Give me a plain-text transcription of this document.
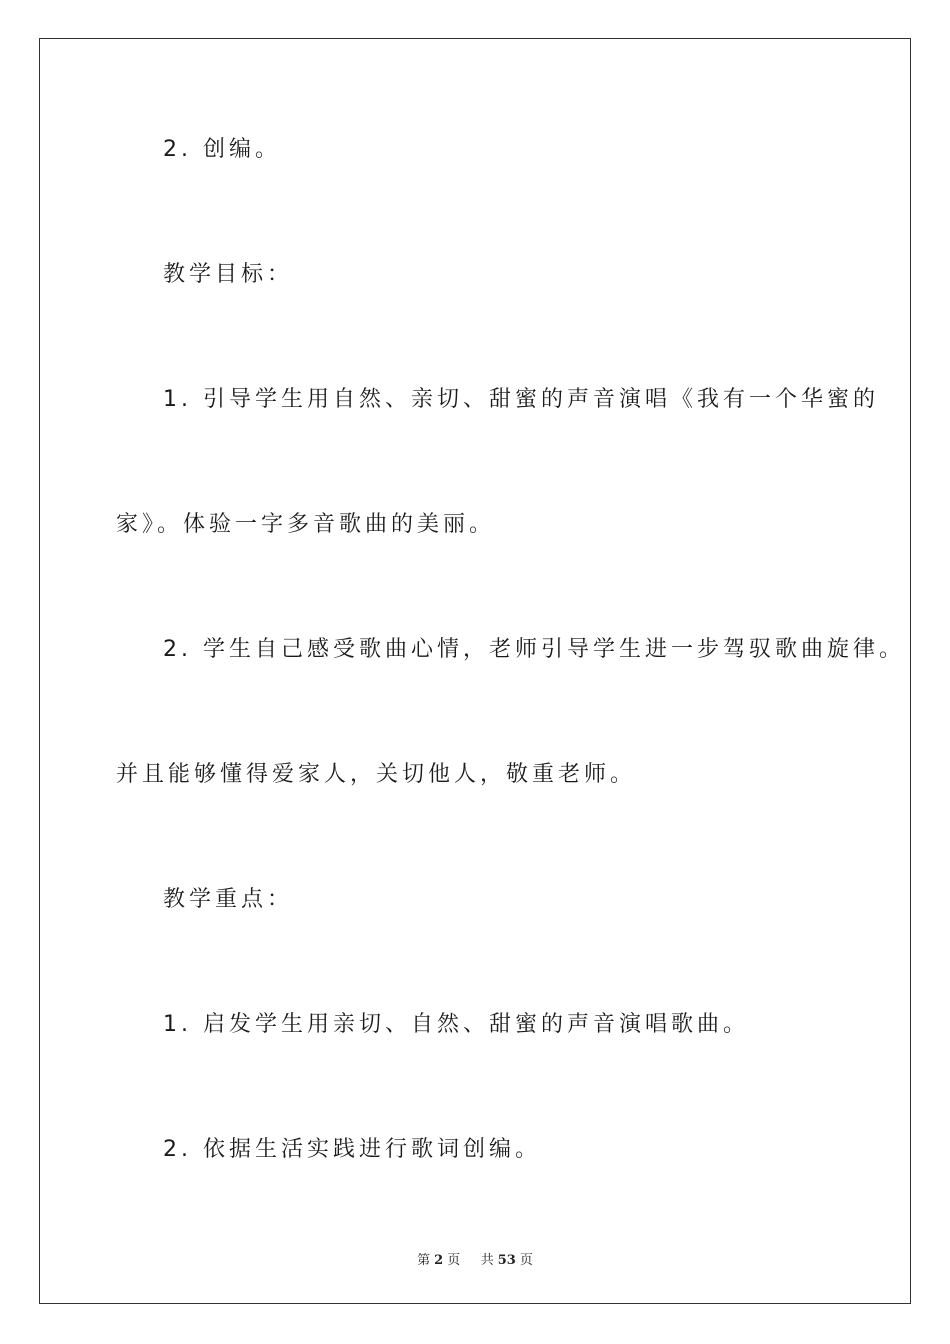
2. 创编。
教学目标：
1. 引导学生用自然、亲切、甜蜜的声音演唱《我有一个华蜜的
家》。体验一字多音歌曲的美丽。
2. 学生自己感受歌曲心情，老师引导学生进一步驾驭歌曲旋律。
并且能够懂得爱家人，关切他人，敬重老师。
教学重点：
1. 启发学生用亲切、自然、甜蜜的声音演唱歌曲。
2. 依据生活实践进行歌词创编。
第 2 页 共 53 页
